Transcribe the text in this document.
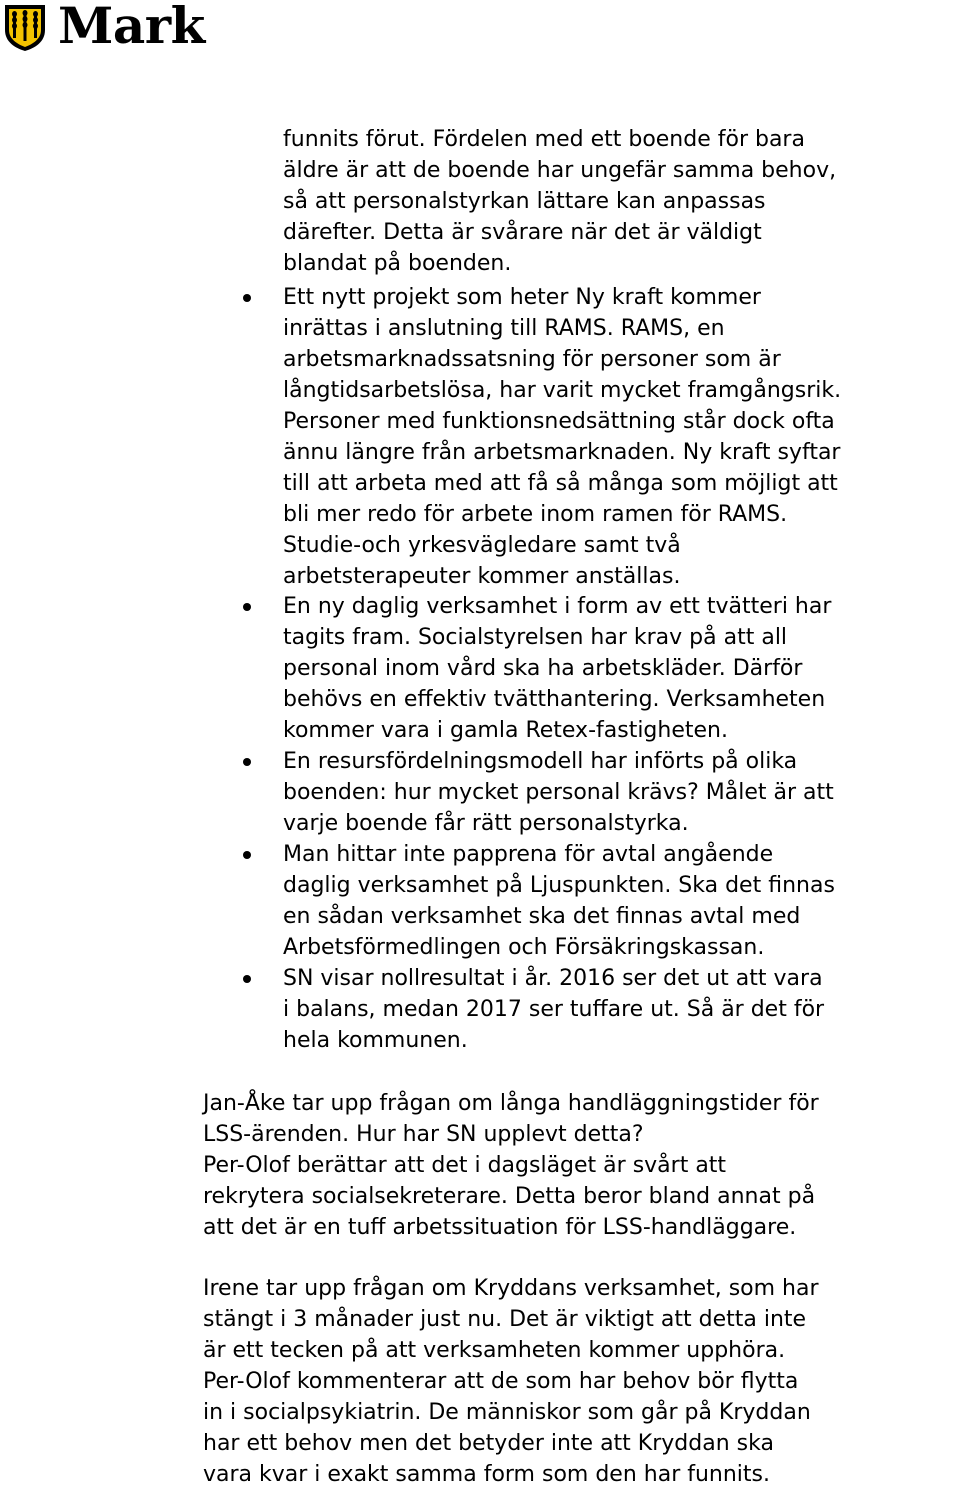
Mark
funnits förut. Fördelen med ett boende för bara
äldre är att de boende har ungefär samma behov,
så att personalstyrkan lättare kan anpassas
därefter. Detta är svårare när det är väldigt
blandat på boenden.
Ett nytt projekt som heter Ny kraft kommer
inrättas i anslutning till RAMS. RAMS, en
arbetsmarknadssatsning för personer som är
långtidsarbetslösa, har varit mycket framgångsrik.
Personer med funktionsnedsättning står dock ofta
ännu längre från arbetsmarknaden. Ny kraft syftar
till att arbeta med att få så många som möjligt att
bli mer redo för arbete inom ramen för RAMS.
Studie-och yrkesvägledare samt två
arbetsterapeuter kommer anställas.
En ny daglig verksamhet i form av ett tvätteri har
tagits fram. Socialstyrelsen har krav på att all
personal inom vård ska ha arbetskläder. Därför
behövs en effektiv tvätthantering. Verksamheten
kommer vara i gamla Retex-fastigheten.
En resursfördelningsmodell har införts på olika
boenden: hur mycket personal krävs? Målet är att
varje boende får rätt personalstyrka.
Man hittar inte papprena för avtal angående
daglig verksamhet på Ljuspunkten. Ska det finnas
en sådan verksamhet ska det finnas avtal med
Arbetsförmedlingen och Försäkringskassan.
SN visar nollresultat i år. 2016 ser det ut att vara
i balans, medan 2017 ser tuffare ut. Så är det för
hela kommunen.
Jan-Åke tar upp frågan om långa handläggningstider för
LSS-ärenden. Hur har SN upplevt detta?
Per-Olof berättar att det i dagsläget är svårt att
rekrytera socialsekreterare. Detta beror bland annat på
att det är en tuff arbetssituation för LSS-handläggare.
Irene tar upp frågan om Kryddans verksamhet, som har
stängt i 3 månader just nu. Det är viktigt att detta inte
är ett tecken på att verksamheten kommer upphöra.
Per-Olof kommenterar att de som har behov bör flytta
in i socialpsykiatrin. De människor som går på Kryddan
har ett behov men det betyder inte att Kryddan ska
vara kvar i exakt samma form som den har funnits.
